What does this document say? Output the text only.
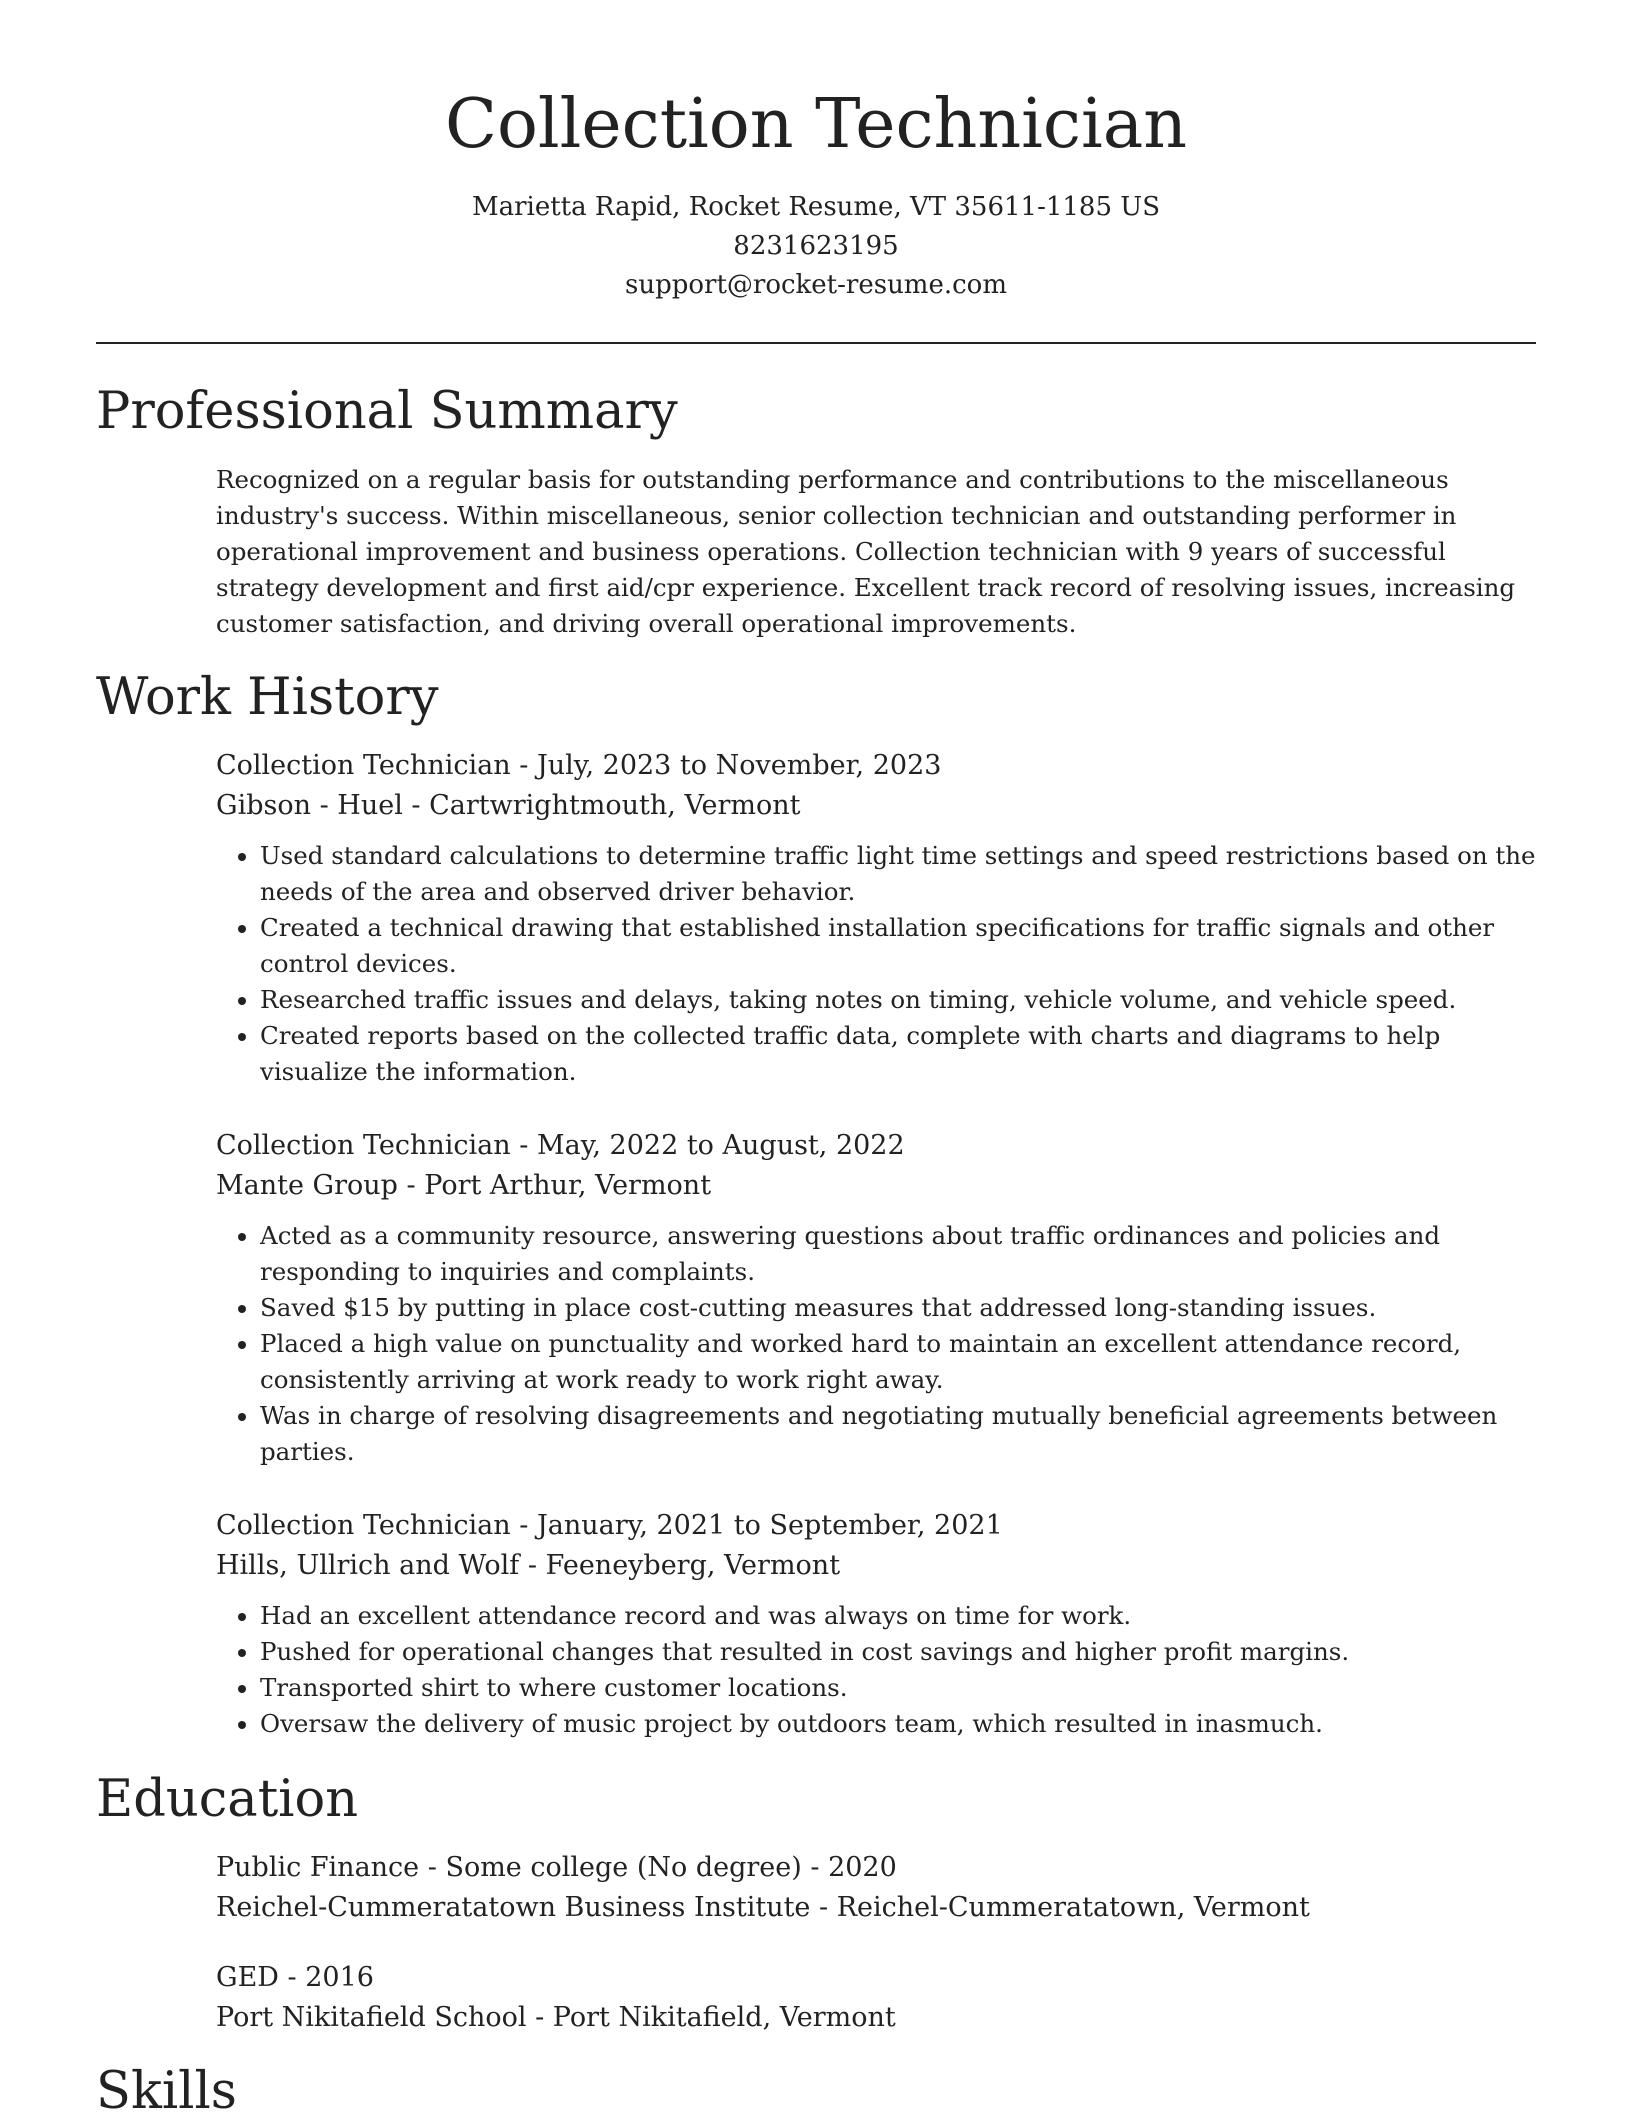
Collection Technician
Marietta Rapid, Rocket Resume, VT 35611-1185 US
8231623195
support@rocket-resume.com
Professional Summary

Recognized on a regular basis for outstanding performance and contributions to the miscellaneous industry's success. Within miscellaneous, senior collection technician and outstanding performer in operational improvement and business operations. Collection technician with 9 years of successful strategy development and first aid/cpr experience. Excellent track record of resolving issues, increasing customer satisfaction, and driving overall operational improvements.

Work History
Collection Technician - July, 2023 to November, 2023
Gibson - Huel - Cartwrightmouth, Vermont
• Used standard calculations to determine traffic light time settings and speed restrictions based on the needs of the area and observed driver behavior.
• Created a technical drawing that established installation specifications for traffic signals and other control devices.
• Researched traffic issues and delays, taking notes on timing, vehicle volume, and vehicle speed.
• Created reports based on the collected traffic data, complete with charts and diagrams to help visualize the information.
Collection Technician - May, 2022 to August, 2022
Mante Group - Port Arthur, Vermont
• Acted as a community resource, answering questions about traffic ordinances and policies and responding to inquiries and complaints.
• Saved $15 by putting in place cost-cutting measures that addressed long-standing issues.
• Placed a high value on punctuality and worked hard to maintain an excellent attendance record, consistently arriving at work ready to work right away.
• Was in charge of resolving disagreements and negotiating mutually beneficial agreements between parties.
Collection Technician - January, 2021 to September, 2021
Hills, Ullrich and Wolf - Feeneyberg, Vermont
• Had an excellent attendance record and was always on time for work.
• Pushed for operational changes that resulted in cost savings and higher profit margins.
• Transported shirt to where customer locations.
• Oversaw the delivery of music project by outdoors team, which resulted in inasmuch.
Education
Public Finance - Some college (No degree) - 2020
Reichel-Cummeratatown Business Institute - Reichel-Cummeratatown, Vermont
GED - 2016
Port Nikitafield School - Port Nikitafield, Vermont
Skills
